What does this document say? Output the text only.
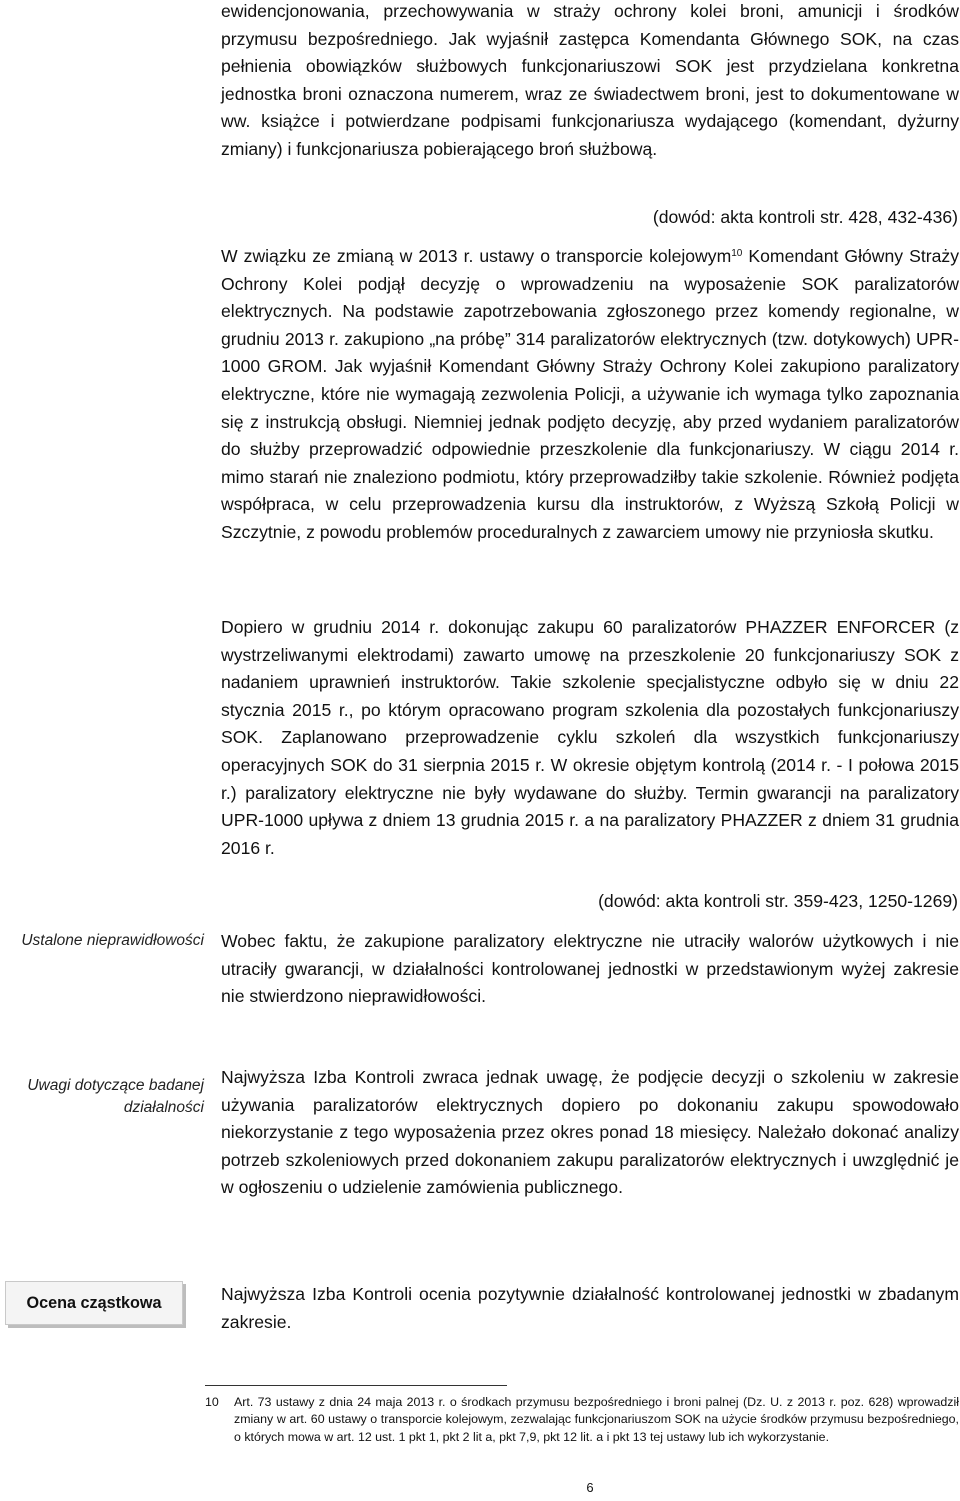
ewidencjonowania, przechowywania w straży ochrony kolei broni, amunicji i środków przymusu bezpośredniego. Jak wyjaśnił zastępca Komendanta Głównego SOK, na czas pełnienia obowiązków służbowych funkcjonariuszowi SOK jest przydzielana konkretna jednostka broni oznaczona numerem, wraz ze świadectwem broni, jest to dokumentowane w ww. książce i potwierdzane podpisami funkcjonariusza wydającego (komendant, dyżurny zmiany) i funkcjonariusza pobierającego broń służbową.

(dowód: akta kontroli str. 428, 432-436)

W związku ze zmianą w 2013 r. ustawy o transporcie kolejowym$^{10}$ Komendant Główny Straży Ochrony Kolei podjął decyzję o wprowadzeniu na wyposażenie SOK paralizatorów elektrycznych. Na podstawie zapotrzebowania zgłoszonego przez komendy regionalne, w grudniu 2013 r. zakupiono „na próbę” 314 paralizatorów elektrycznych (tzw. dotykowych) UPR-1000 GROM. Jak wyjaśnił Komendant Główny Straży Ochrony Kolei zakupiono paralizatory elektryczne, które nie wymagają zezwolenia Policji, a używanie ich wymaga tylko zapoznania się z instrukcją obsługi. Niemniej jednak podjęto decyzję, aby przed wydaniem paralizatorów do służby przeprowadzić odpowiednie przeszkolenie dla funkcjonariuszy. W ciągu 2014 r. mimo starań nie znaleziono podmiotu, który przeprowadziłby takie szkolenie. Również podjęta współpraca, w celu przeprowadzenia kursu dla instruktorów, z Wyższą Szkołą Policji w Szczytnie, z powodu problemów proceduralnych z zawarciem umowy nie przyniosła skutku.

Dopiero w grudniu 2014 r. dokonując zakupu 60 paralizatorów PHAZZER ENFORCER (z wystrzeliwanymi elektrodami) zawarto umowę na przeszkolenie 20 funkcjonariuszy SOK z nadaniem uprawnień instruktorów. Takie szkolenie specjalistyczne odbyło się w dniu 22 stycznia 2015 r., po którym opracowano program szkolenia dla pozostałych funkcjonariuszy SOK. Zaplanowano przeprowadzenie cyklu szkoleń dla wszystkich funkcjonariuszy operacyjnych SOK do 31 sierpnia 2015 r. W okresie objętym kontrolą (2014 r. - I połowa 2015 r.) paralizatory elektryczne nie były wydawane do służby. Termin gwarancji na paralizatory UPR-1000 upływa z dniem 13 grudnia 2015 r. a na paralizatory PHAZZER z dniem 31 grudnia 2016 r.

(dowód: akta kontroli str. 359-423, 1250-1269)
Ustalone nieprawidłowości Wobec faktu, że zakupione paralizatory elektryczne nie utraciły walorów użytkowych i nie utraciły gwarancji, w działalności kontrolowanej jednostki w przedstawionym wyżej zakresie nie stwierdzono nieprawidłowości.

Uwagi dotyczące badanej działalności

Najwyższa Izba Kontroli zwraca jednak uwagę, że podjęcie decyzji o szkoleniu w zakresie używania paralizatorów elektrycznych dopiero po dokonaniu zakupu spowodowało niekorzystanie z tego wyposażenia przez okres ponad 18 miesięcy. Należało dokonać analizy potrzeb szkoleniowych przed dokonaniem zakupu paralizatorów elektrycznych i uwzględnić je w ogłoszeniu o udzielenie zamówienia publicznego.

Ocena cząstkowa	Najwyższa Izba Kontroli ocenia pozytywnie działalność kontrolowanej jednostki w zbadanym zakresie.

10	Art. 73 ustawy z dnia 24 maja 2013 r. o środkach przymusu bezpośredniego i broni palnej (Dz. U. z 2013 r. poz. 628) wprowadził zmiany w art. 60 ustawy o transporcie kolejowym, zezwalając funkcjonariuszom SOK na użycie środków przymusu bezpośredniego, o których mowa w art. 12 ust. 1 pkt 1, pkt 2 lit a, pkt 7,9, pkt 12 lit. a i pkt 13 tej ustawy lub ich wykorzystanie.
6
